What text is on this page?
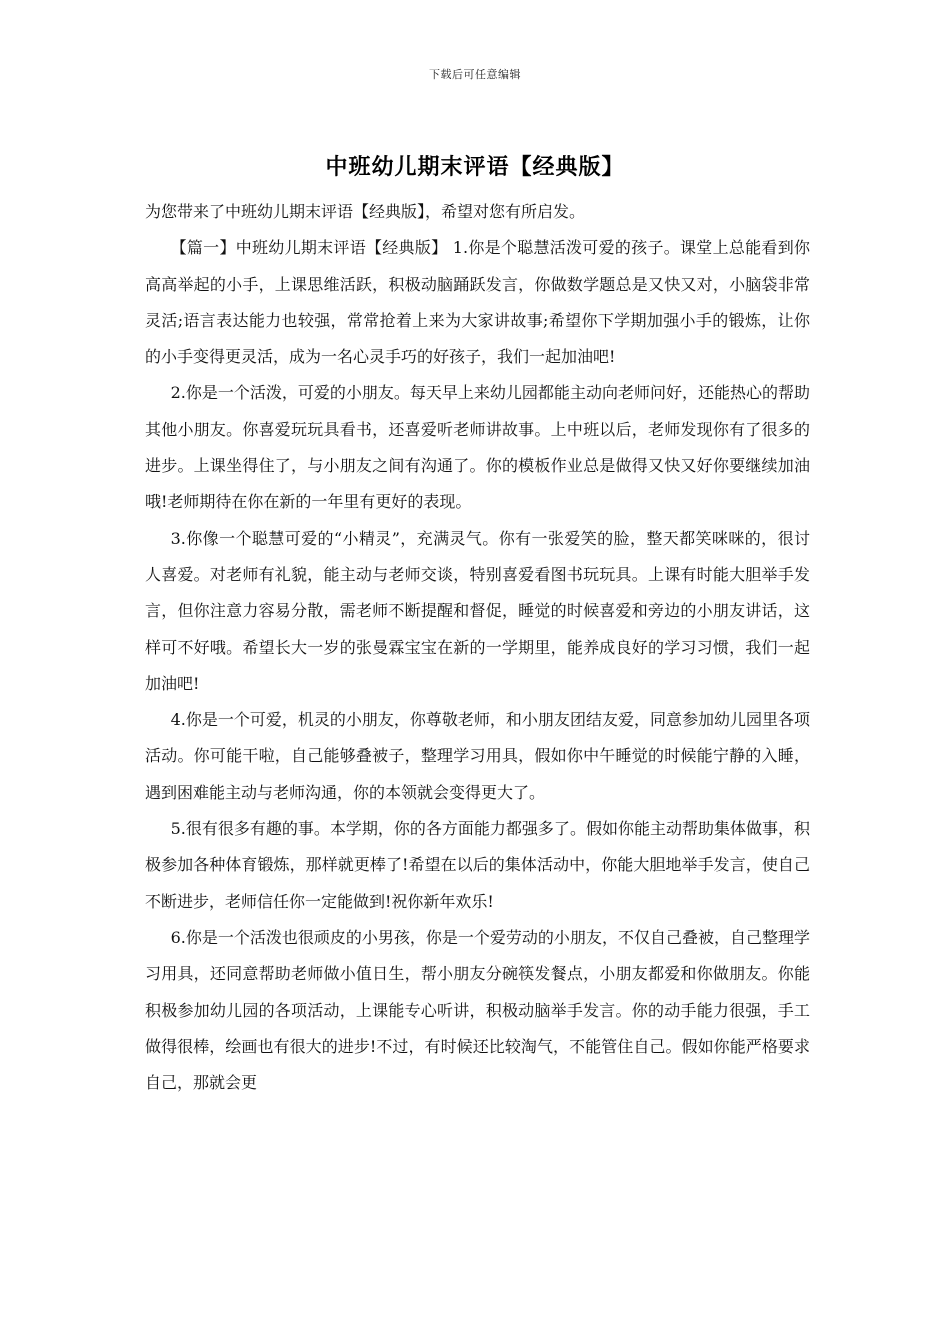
下载后可任意编辑
中班幼儿期末评语【经典版】

为您带来了中班幼儿期末评语【经典版】，希望对您有所启发。

【篇一】中班幼儿期末评语【经典版】 1.你是个聪慧活泼可爱的孩子。课堂上总能看到你高高举起的小手，上课思维活跃，积极动脑踊跃发言，你做数学题总是又快又对，小脑袋非常灵活;语言表达能力也较强，常常抢着上来为大家讲故事;希望你下学期加强小手的锻炼，让你的小手变得更灵活，成为一名心灵手巧的好孩子，我们一起加油吧!

2.你是一个活泼，可爱的小朋友。每天早上来幼儿园都能主动向老师问好，还能热心的帮助其他小朋友。你喜爱玩玩具看书，还喜爱听老师讲故事。上中班以后，老师发现你有了很多的进步。上课坐得住了，与小朋友之间有沟通了。你的模板作业总是做得又快又好你要继续加油哦!老师期待在你在新的一年里有更好的表现。

3.你像一个聪慧可爱的“小精灵”，充满灵气。你有一张爱笑的脸，整天都笑咪咪的，很讨人喜爱。对老师有礼貌，能主动与老师交谈，特别喜爱看图书玩玩具。上课有时能大胆举手发言，但你注意力容易分散，需老师不断提醒和督促，睡觉的时候喜爱和旁边的小朋友讲话，这样可不好哦。希望长大一岁的张曼霖宝宝在新的一学期里，能养成良好的学习习惯，我们一起加油吧!

4.你是一个可爱，机灵的小朋友，你尊敬老师，和小朋友团结友爱，同意参加幼儿园里各项活动。你可能干啦，自己能够叠被子，整理学习用具，假如你中午睡觉的时候能宁静的入睡，遇到困难能主动与老师沟通，你的本领就会变得更大了。

5.很有很多有趣的事。本学期，你的各方面能力都强多了。假如你能主动帮助集体做事，积极参加各种体育锻炼，那样就更棒了!希望在以后的集体活动中，你能大胆地举手发言，使自己不断进步，老师信任你一定能做到!祝你新年欢乐!

6.你是一个活泼也很顽皮的小男孩，你是一个爱劳动的小朋友，不仅自己叠被，自己整理学习用具，还同意帮助老师做小值日生，帮小朋友分碗筷发餐点，小朋友都爱和你做朋友。你能积极参加幼儿园的各项活动，上课能专心听讲，积极动脑举手发言。你的动手能力很强，手工做得很棒，绘画也有很大的进步!不过，有时候还比较淘气，不能管住自己。假如你能严格要求自己，那就会更
